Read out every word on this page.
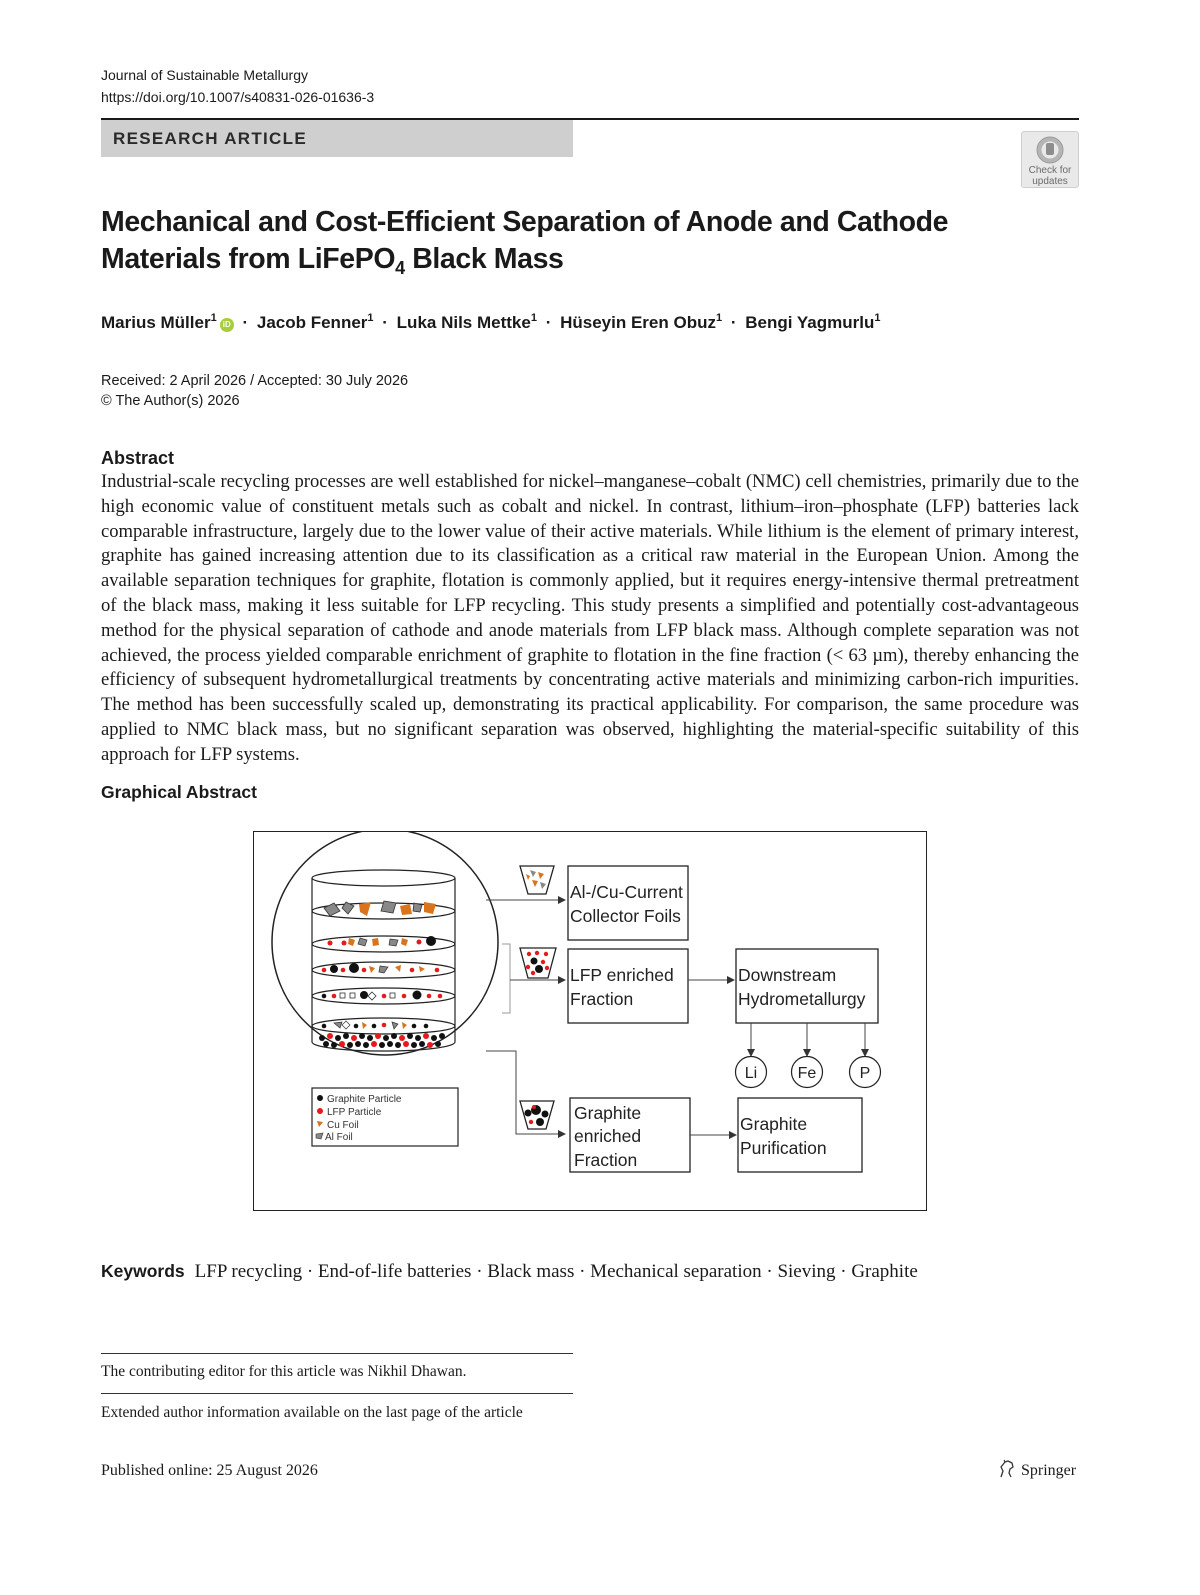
Journal of Sustainable Metallurgy
https://doi.org/10.1007/s40831-026-01636-3
RESEARCH ARTICLE
Check for
updates
Mechanical and Cost-Efficient Separation of Anode and Cathode Materials from LiFePO$_4$ Black Mass
Marius Müller$^1$iD · Jacob Fenner$^1$ · Luka Nils Mettke$^1$ · Hüseyin Eren Obuz$^1$ · Bengi Yagmurlu$^1$
Received: 2 April 2026 / Accepted: 30 July 2026
© The Author(s) 2026
Abstract

Industrial-scale recycling processes are well established for nickel–manganese–cobalt (NMC) cell chemistries, primarily due to the high economic value of constituent metals such as cobalt and nickel. In contrast, lithium–iron–phosphate (LFP) batteries lack comparable infrastructure, largely due to the lower value of their active materials. While lithium is the element of primary interest, graphite has gained increasing attention due to its classification as a critical raw material in the European Union. Among the available separation techniques for graphite, flotation is commonly applied, but it requires energy-intensive thermal pretreatment of the black mass, making it less suitable for LFP recycling. This study presents a simplified and potentially cost-advantageous method for the physical separation of cathode and anode materials from LFP black mass. Although complete separation was not achieved, the process yielded comparable enrichment of graphite to flotation in the fine fraction (< 63 µm), thereby enhancing the efficiency of subsequent hydrometallurgical treatments by concentrating active materials and minimizing carbon-rich impurities. The method has been successfully scaled up, demonstrating its practical applicability. For comparison, the same procedure was applied to NMC black mass, but no significant separation was observed, highlighting the material-specific suitability of this approach for LFP systems.

Graphical Abstract
Al-/Cu-Current
Collector Foils
LFP enriched
Fraction
Downstream
Hydrometallurgy
Graphite
enriched
Fraction
Graphite
Purification
Li	Fe	P
Graphite Particle
LFP Particle
Cu Foil
Al Foil
Keywords LFP recycling · End-of-life batteries · Black mass · Mechanical separation · Sieving · Graphite
The contributing editor for this article was Nikhil Dhawan.
Extended author information available on the last page of the article
Published online: 25 August 2026	Springer
